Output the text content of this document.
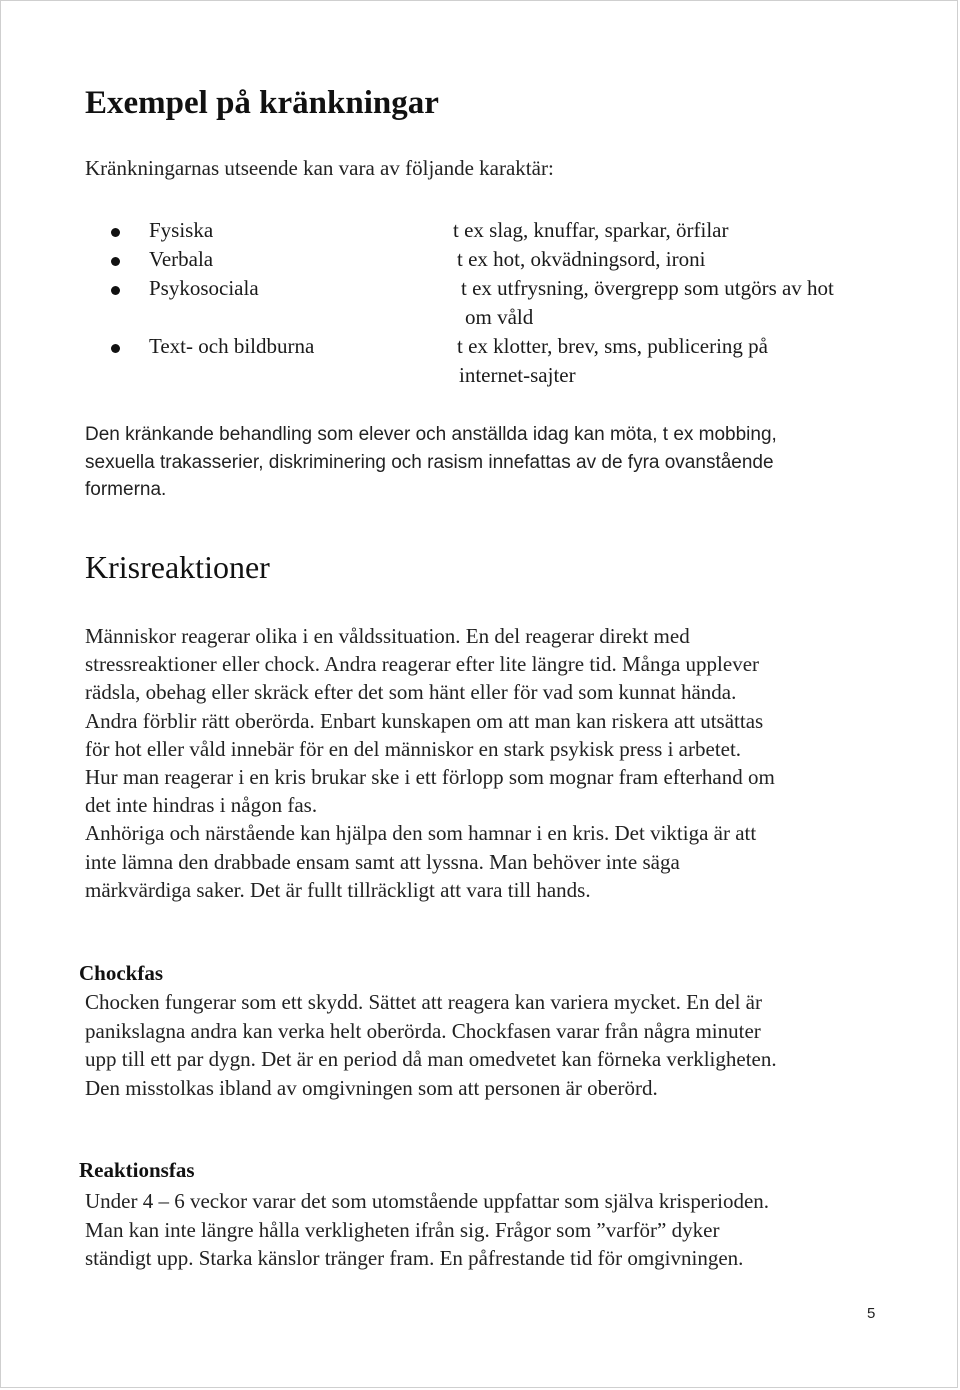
Exempel på kränkningar
Kränkningarnas utseende kan vara av följande karaktär:
Fysiska	t ex slag, knuffar, sparkar, örfilar
Verbala	t ex hot, okvädningsord, ironi
Psykosociala	t ex utfrysning, övergrepp som utgörs av hot
om våld
Text- och bildburna	t ex klotter, brev, sms, publicering på
internet-sajter
Den kränkande behandling som elever och anställda idag kan möta, t ex mobbing,
sexuella trakasserier, diskriminering och rasism innefattas av de fyra ovanstående
formerna.
Krisreaktioner
Människor reagerar olika i en våldssituation. En del reagerar direkt med
stressreaktioner eller chock. Andra reagerar efter lite längre tid. Många upplever
rädsla, obehag eller skräck efter det som hänt eller för vad som kunnat hända.
Andra förblir rätt oberörda. Enbart kunskapen om att man kan riskera att utsättas
för hot eller våld innebär för en del människor en stark psykisk press i arbetet.
Hur man reagerar i en kris brukar ske i ett förlopp som mognar fram efterhand om
det inte hindras i någon fas.
Anhöriga och närstående kan hjälpa den som hamnar i en kris. Det viktiga är att
inte lämna den drabbade ensam samt att lyssna. Man behöver inte säga
märkvärdiga saker. Det är fullt tillräckligt att vara till hands.
Chockfas
Chocken fungerar som ett skydd. Sättet att reagera kan variera mycket. En del är
panikslagna andra kan verka helt oberörda. Chockfasen varar från några minuter
upp till ett par dygn. Det är en period då man omedvetet kan förneka verkligheten.
Den misstolkas ibland av omgivningen som att personen är oberörd.
Reaktionsfas
Under 4 – 6 veckor varar det som utomstående uppfattar som själva krisperioden.
Man kan inte längre hålla verkligheten ifrån sig. Frågor som ”varför” dyker
ständigt upp. Starka känslor tränger fram. En påfrestande tid för omgivningen.
5
